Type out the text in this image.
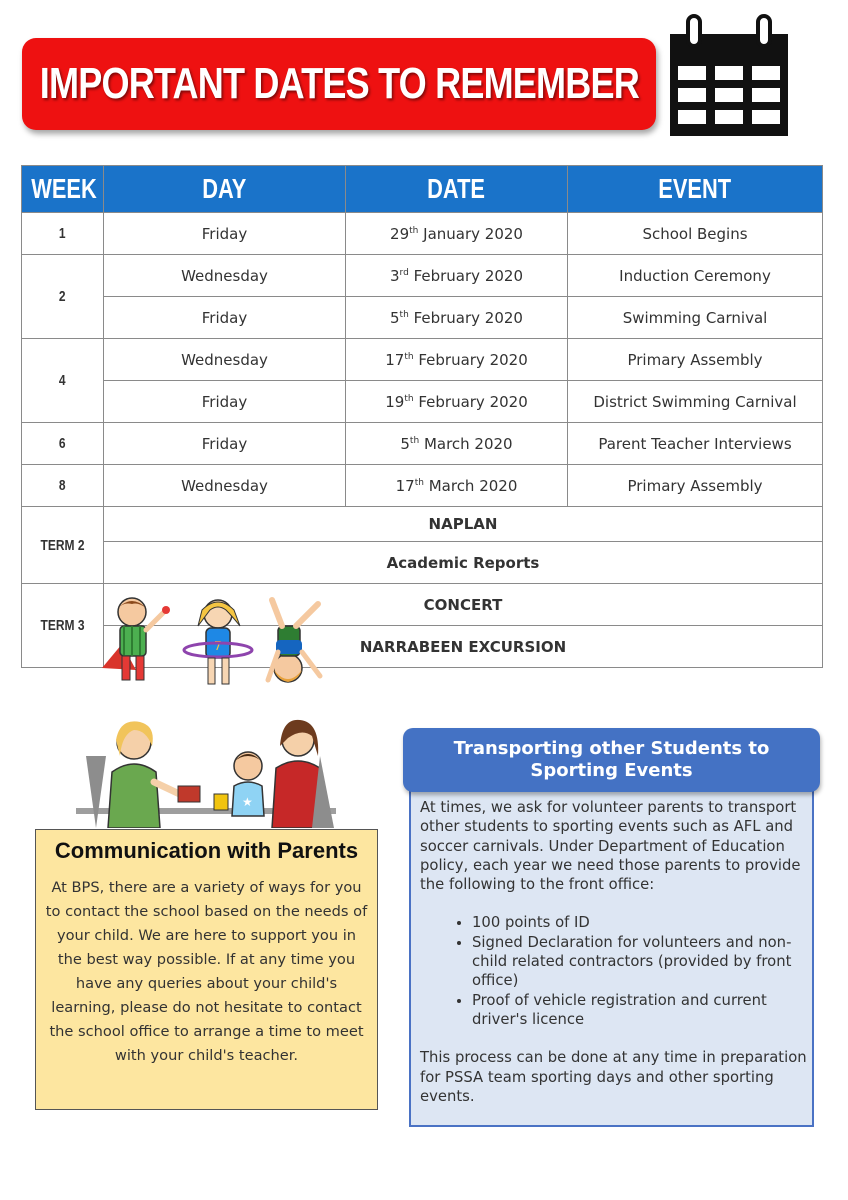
IMPORTANT DATES TO REMEMBER
WEEK	DAY	DATE	EVENT
1	Friday	29th January 2020	School Begins
2	Wednesday	3rd February 2020	Induction Ceremony
	Friday	5th February 2020	Swimming Carnival
4	Wednesday	17th February 2020	Primary Assembly
	Friday	19th February 2020	District Swimming Carnival
6	Friday	5th March 2020	Parent Teacher Interviews
8	Wednesday	17th March 2020	Primary Assembly
TERM 2	NAPLAN		
	Academic Reports		
TERM 3	CONCERT		
	NARRABEEN EXCURSION		
7
★
Communication with Parents
At BPS, there are a variety of ways for you to contact the school based on the needs of your child. We are here to support you in the best way possible. If at any time you have any queries about your child's learning, please do not hesitate to contact the school office to arrange a time to meet with your child's teacher.
Transporting other Students to Sporting Events

At times, we ask for volunteer parents to transport other students to sporting events such as AFL and soccer carnivals. Under Department of Education policy, each year we need those parents to provide the following to the front office:

• 100 points of ID
• Signed Declaration for volunteers and non-child related contractors (provided by front office)
• Proof of vehicle registration and current driver's licence

This process can be done at any time in preparation for PSSA team sporting days and other sporting events.
